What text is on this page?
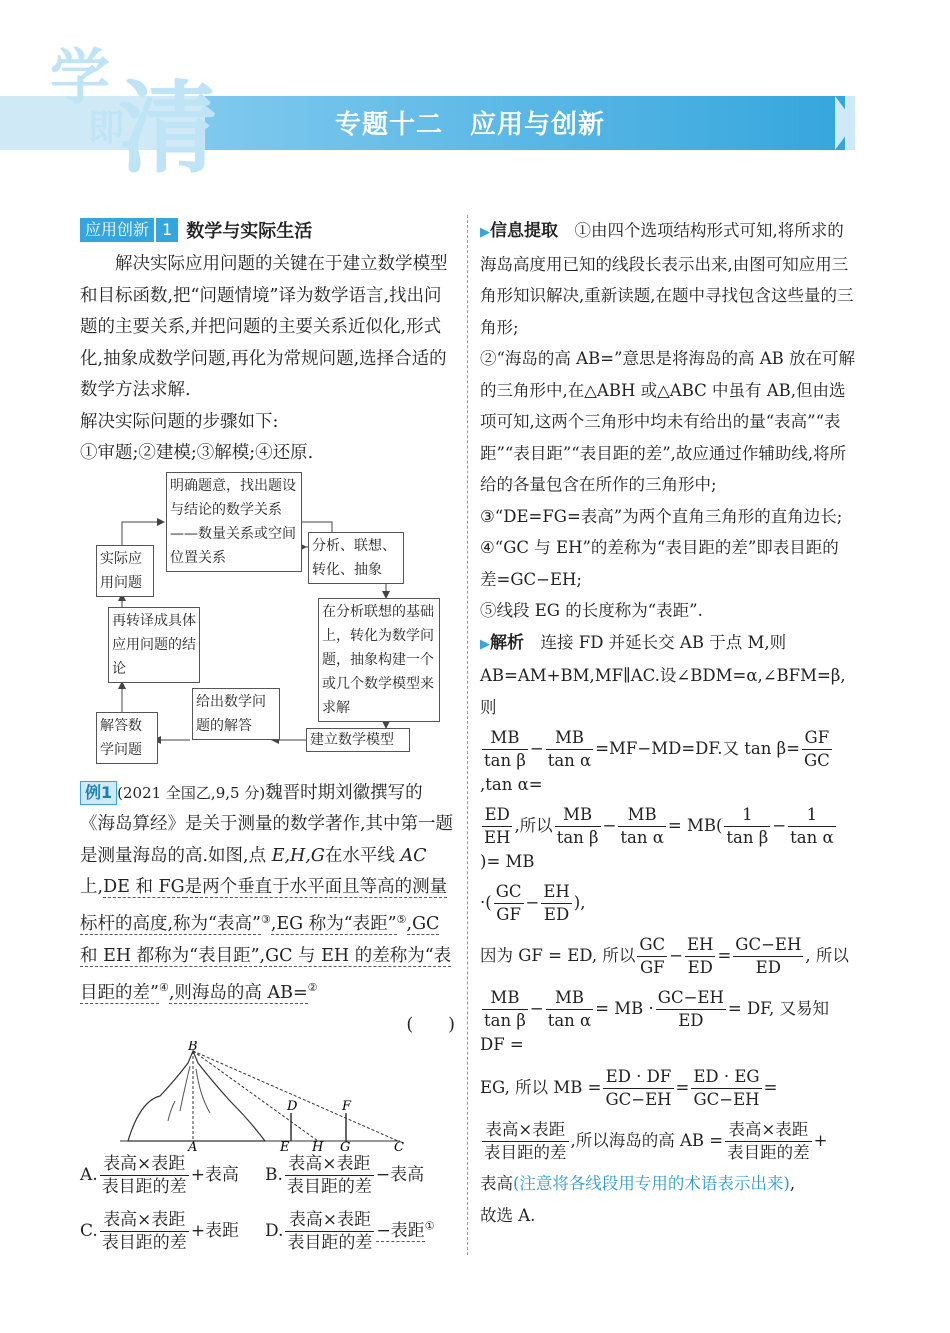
学
即
清	专题十二　应用与创新
应用创新 1 数学与实际生活

解决实际应用问题的关键在于建立数学模型和目标函数,把“问题情境”译为数学语言,找出问题的主要关系,并把问题的主要关系近似化,形式化,抽象成数学问题,再化为常规问题,选择合适的数学方法求解.

解决实际问题的步骤如下:

①审题;②建模;③解模;④还原.

实际应用问题
明确题意，找出题设与结论的数学关系——数量关系或空间位置关系
分析、联想、转化、抽象
在分析联想的基础上，转化为数学问题，抽象构建一个或几个数学模型来求解
建立数学模型
给出数学问题的解答
解答数学问题
再转译成具体应用问题的结论
例1 (2021 全国乙,9,5 分)魏晋时期刘徽撰写的《海岛算经》是关于测量的数学著作,其中第一题是测量海岛的高.如图,点 E,H,G在水平线 AC上,DE 和 FG是两个垂直于水平面且等高的测量标杆的高度,称为“表高”③,EG 称为“表距”⑤,GC 和 EH 都称为“表目距”,GC 与 EH 的差称为“表目距的差”④,则海岛的高 AB=②
(　　)
B
D	F
A	E H G	C
A. $\frac{\text{表高×表距}}{\text{表目距的差}}$ +表高 B. $\frac{\text{表高×表距}}{\text{表目距的差}}$ −表高
C. $\frac{\text{表高×表距}}{\text{表目距的差}}$ +表距 D. $\frac{\text{表高×表距}}{\text{表目距的差}}$ −表距①

▶信息提取　 ①由四个选项结构形式可知,将所求的海岛高度用已知的线段长表示出来,由图可知应用三角形知识解决,重新读题,在题中寻找包含这些量的三角形;

②“海岛的高 AB=”意思是将海岛的高 AB 放在可解的三角形中,在△ABH 或△ABC 中虽有 AB,但由选项可知,这两个三角形中均未有给出的量“表高”“表距”“表目距”“表目距的差”,故应通过作辅助线,将所给的各量包含在所作的三角形中;

③“DE=FG=表高”为两个直角三角形的直角边长;

④“GC 与 EH”的差称为“表目距的差”即表目距的差=GC−EH;

⑤线段 EG 的长度称为“表距”.

▶解析　 连接 FD 并延长交 AB 于点 M,则 AB=AM+BM,MF∥AC.设∠BDM=α,∠BFM=β,则

$\frac{MB}{\text{tan β}} - \frac{MB}{\text{tan α}} =MF-MD=DF$.又 $\tan \beta= \frac{GF}{GC}$
,tan α=
$\frac{ED}{EH}$ ,所以 $\frac{MB}{\text{tan β}} - \frac{MB}{\text{tan α}} = MB( \frac{1}{\text{tan β}} - \frac{1}{\text{tan α}}$
)= MB
·( $\frac{GC}{GF} - \frac{EH}{ED}$ ),
因为 GF = ED, 所以 $\frac{GC}{GF} - \frac{EH}{ED} = \frac{GC-EH}{ED}$ , 所以
$\frac{MB}{\text{tan β}} - \frac{MB}{\text{tan α}}$ = MB · $\frac{GC-EH}{ED}$ = DF, 又易知 DF =
EG, 所以 MB = $\frac{ED \cdot DF}{GC-EH} = \frac{ED \cdot EG}{GC-EH}$ =
$\frac{\text{表高×表距}}{\text{表目距的差}}$ ,所以海岛的高 AB = $\frac{\text{表高×表距}}{\text{表目距的差}}$ +

表高(注意将各线段用专用的术语表示出来),

故选 A.
